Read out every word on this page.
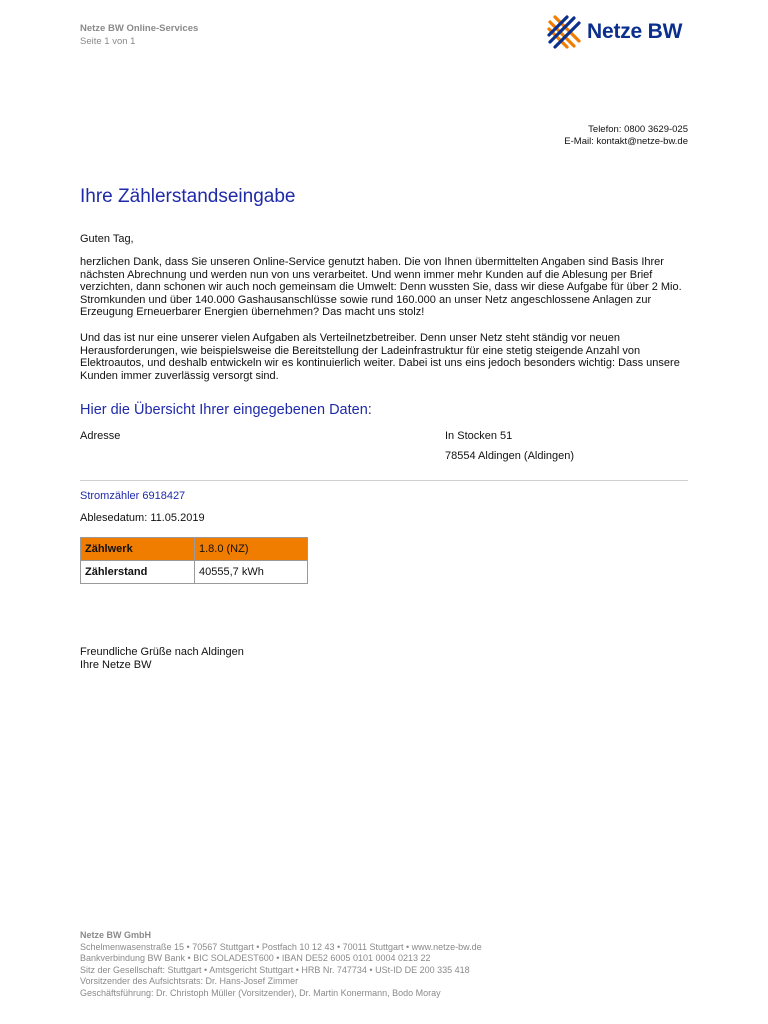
Netze BW Online-Services
Seite 1 von 1	Netze BW
Telefon: 0800 3629-025
E-Mail: kontakt@netze-bw.de
Ihre Zählerstandseingabe

Guten Tag,

herzlichen Dank, dass Sie unseren Online-Service genutzt haben. Die von Ihnen übermittelten Angaben sind Basis Ihrer nächsten Abrechnung und werden nun von uns verarbeitet. Und wenn immer mehr Kunden auf die Ablesung per Brief verzichten, dann schonen wir auch noch gemeinsam die Umwelt: Denn wussten Sie, dass wir diese Aufgabe für über 2 Mio. Stromkunden und über 140.000 Gashausanschlüsse sowie rund 160.000 an unser Netz angeschlossene Anlagen zur Erzeugung Erneuerbarer Energien übernehmen? Das macht uns stolz!

Und das ist nur eine unserer vielen Aufgaben als Verteilnetzbetreiber. Denn unser Netz steht ständig vor neuen Herausforderungen, wie beispielsweise die Bereitstellung der Ladeinfrastruktur für eine stetig steigende Anzahl von Elektroautos, und deshalb entwickeln wir es kontinuierlich weiter. Dabei ist uns eins jedoch besonders wichtig: Dass unsere Kunden immer zuverlässig versorgt sind.

Hier die Übersicht Ihrer eingegebenen Daten:
Adresse	In Stocken 51
78554 Aldingen (Aldingen)
Stromzähler 6918427
Ablesedatum: 11.05.2019
Zählwerk	1.8.0 (NZ)
Zählerstand	40555,7 kWh
Freundliche Grüße nach Aldingen
Ihre Netze BW
Netze BW GmbH
Schelmenwasenstraße 15 • 70567 Stuttgart • Postfach 10 12 43 • 70011 Stuttgart • www.netze-bw.de
Bankverbindung BW Bank • BIC SOLADEST600 • IBAN DE52 6005 0101 0004 0213 22
Sitz der Gesellschaft: Stuttgart • Amtsgericht Stuttgart • HRB Nr. 747734 • USt-ID DE 200 335 418
Vorsitzender des Aufsichtsrats: Dr. Hans-Josef Zimmer
Geschäftsführung: Dr. Christoph Müller (Vorsitzender), Dr. Martin Konermann, Bodo Moray
